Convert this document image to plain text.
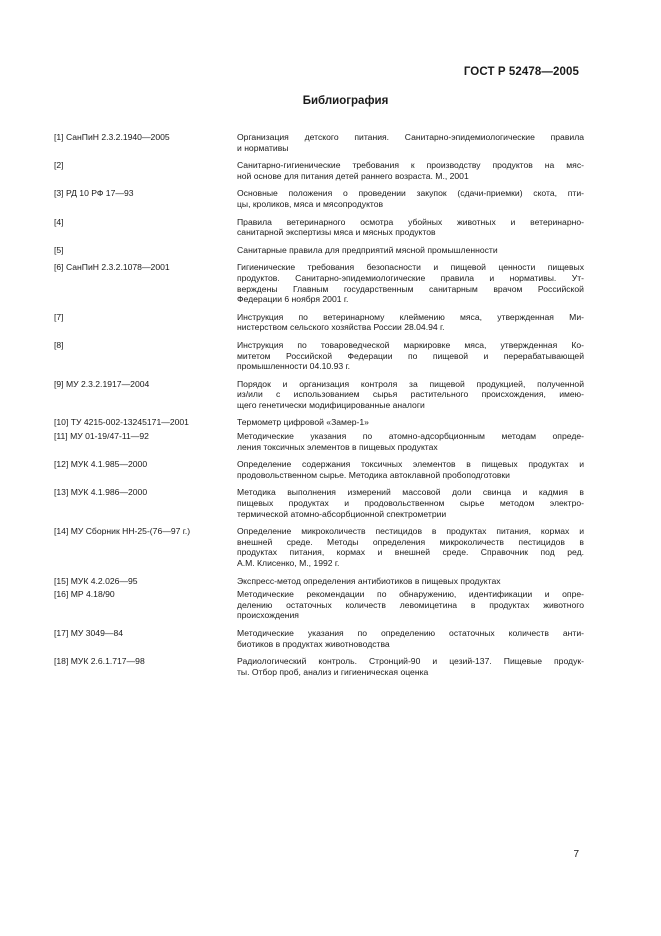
ГОСТ Р 52478—2005
Библиография
[1] СанПиН 2.3.2.1940—2005	Организация детского питания. Санитарно-эпидемиологические правила
и нормативы
[2]	Санитарно-гигиенические требования к производству продуктов на мяс-
ной основе для питания детей раннего возраста. М., 2001
[3] РД 10 РФ 17—93	Основные положения о проведении закупок (сдачи-приемки) скота, пти-
цы, кроликов, мяса и мясопродуктов
[4]	Правила ветеринарного осмотра убойных животных и ветеринарно-
санитарной экспертизы мяса и мясных продуктов
[5]	Санитарные правила для предприятий мясной промышленности
[6] СанПиН 2.3.2.1078—2001	Гигиенические требования безопасности и пищевой ценности пищевых
продуктов. Санитарно-эпидемиологические правила и нормативы. Ут-
верждены Главным государственным санитарным врачом Российской
Федерации 6 ноября 2001 г.
[7]	Инструкция по ветеринарному клеймению мяса, утвержденная Ми-
нистерством сельского хозяйства России 28.04.94 г.
[8]	Инструкция по товароведческой маркировке мяса, утвержденная Ко-
митетом Российской Федерации по пищевой и перерабатывающей
промышленности 04.10.93 г.
[9] МУ 2.3.2.1917—2004	Порядок и организация контроля за пищевой продукцией, полученной
из/или с использованием сырья растительного происхождения, имею-
щего генетически модифицированные аналоги
[10] ТУ 4215-002-13245171—2001	Термометр цифровой «Замер-1»
[11] МУ 01-19/47-11—92	Методические указания по атомно-адсорбционным методам опреде-
ления токсичных элементов в пищевых продуктах
[12] МУК 4.1.985—2000	Определение содержания токсичных элементов в пищевых продуктах и
продовольственном сырье. Методика автоклавной пробоподготовки
[13] МУК 4.1.986—2000	Методика выполнения измерений массовой доли свинца и кадмия в
пищевых продуктах и продовольственном сырье методом электро-
термической атомно-абсорбционной спектрометрии
[14] МУ Сборник НН-25-(76—97 г.)	Определение микроколичеств пестицидов в продуктах питания, кормах и
внешней среде. Методы определения микроколичеств пестицидов в
продуктах питания, кормах и внешней среде. Справочник под ред.
А.М. Клисенко, М., 1992 г.
[15] МУК 4.2.026—95	Экспресс-метод определения антибиотиков в пищевых продуктах
[16] МР 4.18/90	Методические рекомендации по обнаружению, идентификации и опре-
делению остаточных количеств левомицетина в продуктах животного
происхождения
[17] МУ 3049—84	Методические указания по определению остаточных количеств анти-
биотиков в продуктах животноводства
[18] МУК 2.6.1.717—98	Радиологический контроль. Стронций-90 и цезий-137. Пищевые продук-
ты. Отбор проб, анализ и гигиеническая оценка
7
